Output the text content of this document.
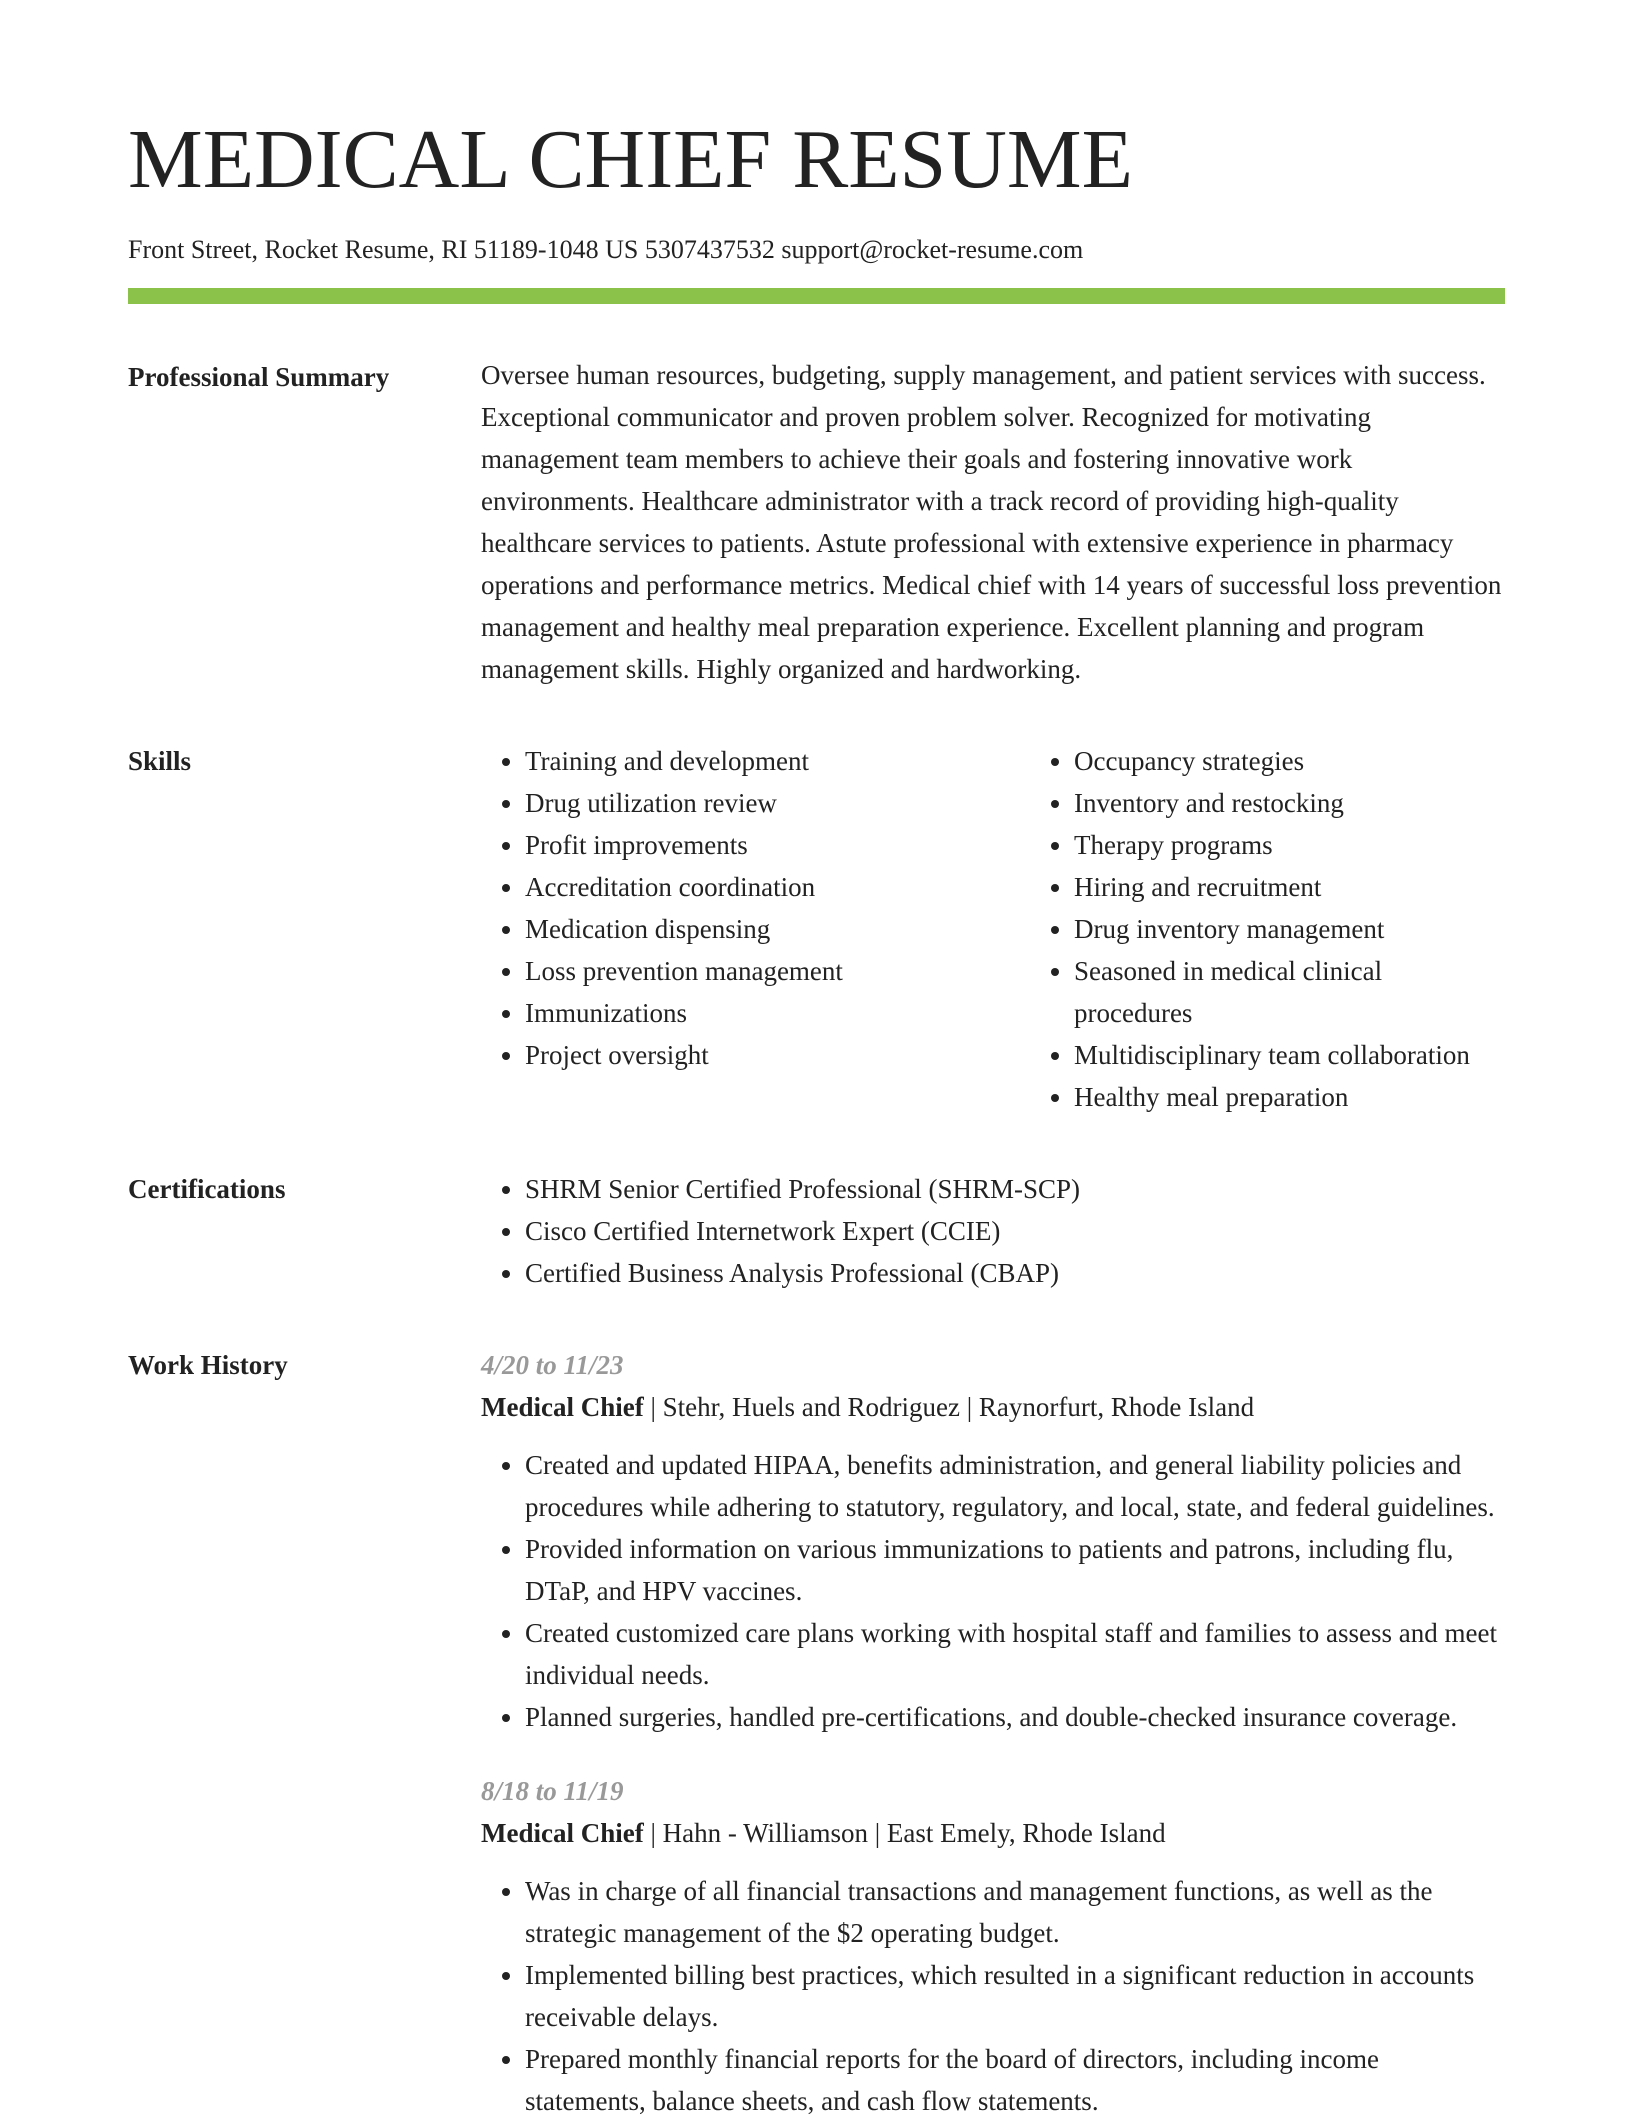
MEDICAL CHIEF RESUME
Front Street, Rocket Resume, RI 51189-1048 US 5307437532 support@rocket-resume.com
Professional Summary	Oversee human resources, budgeting, supply management, and patient services with success. Exceptional communicator and proven problem solver. Recognized for motivating management team members to achieve their goals and fostering innovative work environments. Healthcare administrator with a track record of providing high-quality healthcare services to patients. Astute professional with extensive experience in pharmacy operations and performance metrics. Medical chief with 14 years of successful loss prevention management and healthy meal preparation experience. Excellent planning and program management skills. Highly organized and hardworking.

Skills	• Training and development
• Drug utilization review
• Profit improvements
• Accreditation coordination
• Medication dispensing
• Loss prevention management
• Immunizations
• Project oversight
• Occupancy strategies
• Inventory and restocking
• Therapy programs
• Hiring and recruitment
• Drug inventory management
• Seasoned in medical clinical procedures
• Multidisciplinary team collaboration
• Healthy meal preparation
Certifications	• SHRM Senior Certified Professional (SHRM-SCP)
• Cisco Certified Internetwork Expert (CCIE)
• Certified Business Analysis Professional (CBAP)
Work History	4/20 to 11/23
Medical Chief | Stehr, Huels and Rodriguez | Raynorfurt, Rhode Island
• Created and updated HIPAA, benefits administration, and general liability policies and procedures while adhering to statutory, regulatory, and local, state, and federal guidelines.
• Provided information on various immunizations to patients and patrons, including flu, DTaP, and HPV vaccines.
• Created customized care plans working with hospital staff and families to assess and meet individual needs.
• Planned surgeries, handled pre-certifications, and double-checked insurance coverage.
8/18 to 11/19
Medical Chief | Hahn - Williamson | East Emely, Rhode Island
• Was in charge of all financial transactions and management functions, as well as the strategic management of the $2 operating budget.
• Implemented billing best practices, which resulted in a significant reduction in accounts receivable delays.
• Prepared monthly financial reports for the board of directors, including income statements, balance sheets, and cash flow statements.
